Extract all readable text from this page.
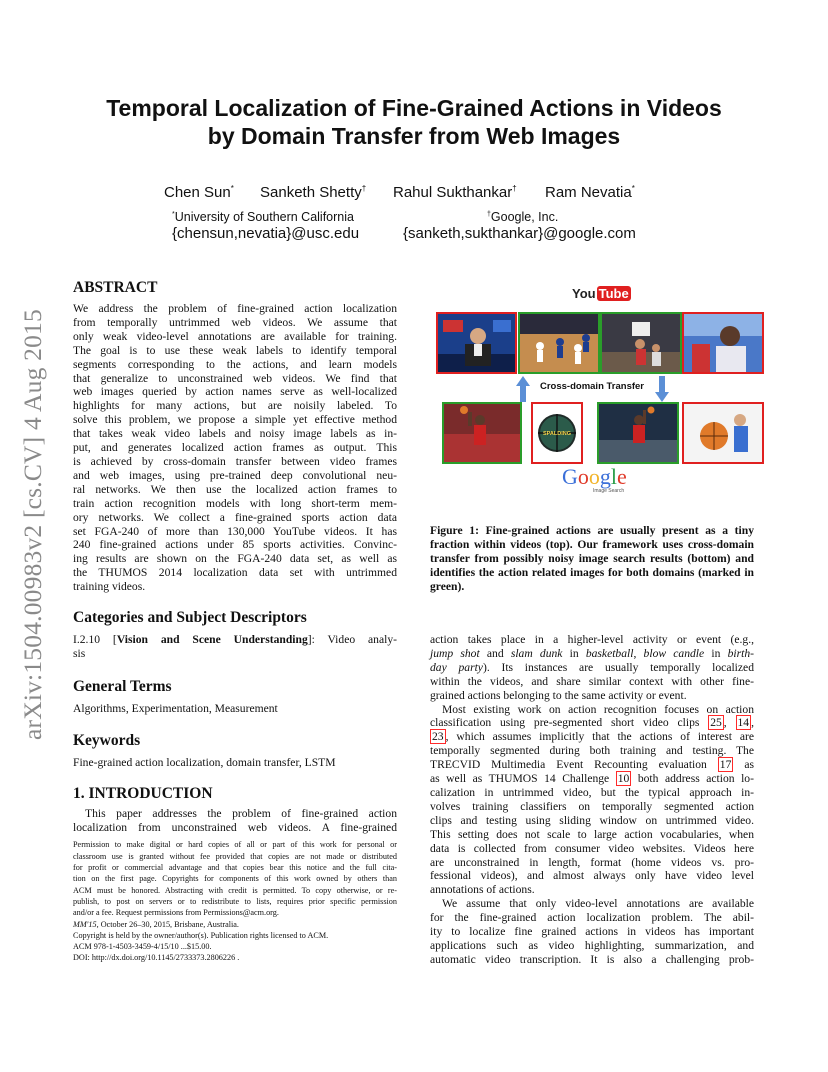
arXiv:1504.00983v2 [cs.CV] 4 Aug 2015
Temporal Localization of Fine-Grained Actions in Videos
by Domain Transfer from Web Images
Chen Sun* Sanketh Shetty† Rahul Sukthankar† Ram Nevatia*
*University of Southern California
{chensun,nevatia}@usc.edu
†Google, Inc.
{sanketh,sukthankar}@google.com
ABSTRACT
We address the problem of fine-grained action localization
from temporally untrimmed web videos. We assume that
only weak video-level annotations are available for training.
The goal is to use these weak labels to identify temporal
segments corresponding to the actions, and learn models
that generalize to unconstrained web videos. We find that
web images queried by action names serve as well-localized
highlights for many actions, but are noisily labeled. To
solve this problem, we propose a simple yet effective method
that takes weak video labels and noisy image labels as in-
put, and generates localized action frames as output. This
is achieved by cross-domain transfer between video frames
and web images, using pre-trained deep convolutional neu-
ral networks. We then use the localized action frames to
train action recognition models with long short-term mem-
ory networks. We collect a fine-grained sports action data
set FGA-240 of more than 130,000 YouTube videos. It has
240 fine-grained actions under 85 sports activities. Convinc-
ing results are shown on the FGA-240 data set, as well as
the THUMOS 2014 localization data set with untrimmed
training videos.
Categories and Subject Descriptors
I.2.10 [Vision and Scene Understanding]: Video analy-
sis
General Terms
Algorithms, Experimentation, Measurement
Keywords
Fine-grained action localization, domain transfer, LSTM
1. INTRODUCTION
This paper addresses the problem of fine-grained action
localization from unconstrained web videos. A fine-grained
Permission to make digital or hard copies of all or part of this work for personal or
classroom use is granted without fee provided that copies are not made or distributed
for profit or commercial advantage and that copies bear this notice and the full cita-
tion on the first page. Copyrights for components of this work owned by others than
ACM must be honored. Abstracting with credit is permitted. To copy otherwise, or re-
publish, to post on servers or to redistribute to lists, requires prior specific permission
and/or a fee. Request permissions from Permissions@acm.org.
MM'15, October 26–30, 2015, Brisbane, Australia.
Copyright is held by the owner/author(s). Publication rights licensed to ACM.
ACM 978-1-4503-3459-4/15/10 ...$15.00.
DOI: http://dx.doi.org/10.1145/2733373.2806226 .
You Tube
Cross-domain Transfer
SPALDING
Google
Image Search
Figure 1: Fine-grained actions are usually present as a tiny fraction within videos (top). Our framework uses cross-domain transfer from possibly noisy image search results (bottom) and identifies the action related images for both domains (marked in green).
action takes place in a higher-level activity or event (e.g.,
jump shot and slam dunk in basketball, blow candle in birth-
day party). Its instances are usually temporally localized
within the videos, and share similar context with other fine-
grained actions belonging to the same activity or event.
Most existing work on action recognition focuses on action
classification using pre-segmented short video clips 25 , 14 ,
23 , which assumes implicitly that the actions of interest are
temporally segmented during both training and testing. The
TRECVID Multimedia Event Recounting evaluation 17 as
as well as THUMOS 14 Challenge 10 both address action lo-
calization in untrimmed video, but the typical approach in-
volves training classifiers on temporally segmented action
clips and testing using sliding window on untrimmed video.
This setting does not scale to large action vocabularies, when
data is collected from consumer video websites. Videos here
are unconstrained in length, format (home videos vs. pro-
fessional videos), and almost always only have video level
annotations of actions.
We assume that only video-level annotations are available
for the fine-grained action localization problem. The abil-
ity to localize fine grained actions in videos has important
applications such as video highlighting, summarization, and
automatic video transcription. It is also a challenging prob-
